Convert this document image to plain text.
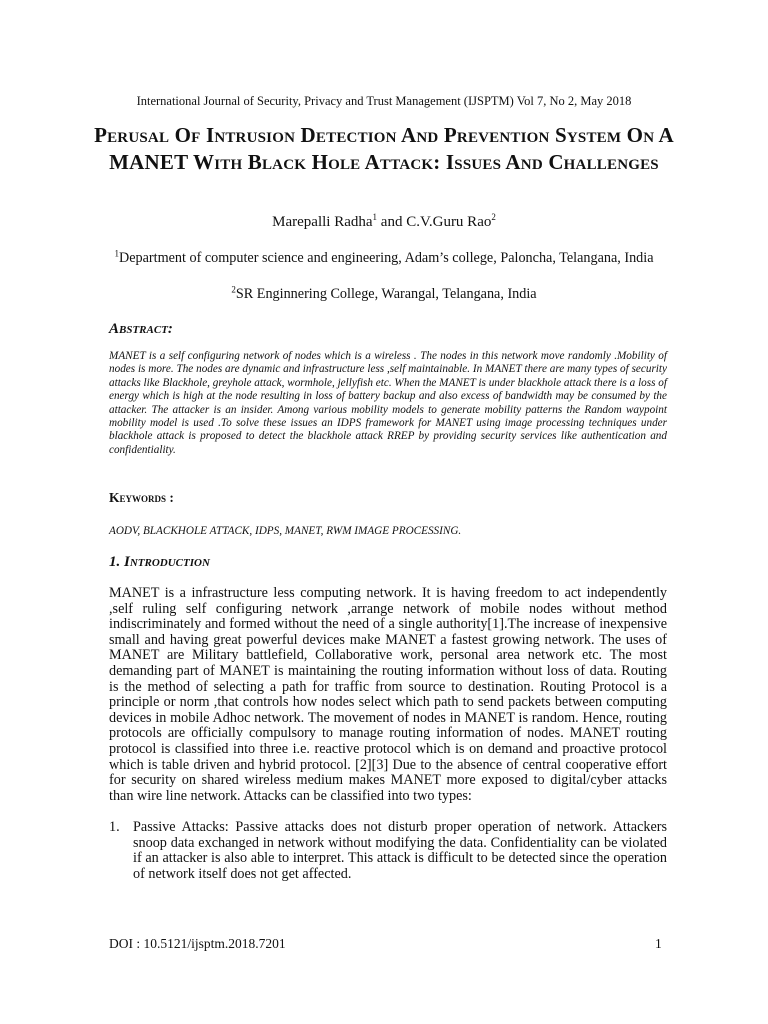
International Journal of Security, Privacy and Trust Management (IJSPTM) Vol 7, No 2, May 2018
Perusal Of Intrusion Detection And Prevention System On A MANET With Black Hole Attack: Issues And Challenges
Marepalli Radha$^1$ and C.V.Guru Rao$^2$
$^1$Department of computer science and engineering, Adam’s college, Paloncha, Telangana, India
$^2$SR Enginnering College, Warangal, Telangana, India
Abstract:
MANET is a self configuring network of nodes which is a wireless . The nodes in this network move randomly .Mobility of nodes is more. The nodes are dynamic and infrastructure less ,self maintainable. In MANET there are many types of security attacks like Blackhole, greyhole attack, wormhole, jellyfish etc. When the MANET is under blackhole attack there is a loss of energy which is high at the node resulting in loss of battery backup and also excess of bandwidth may be consumed by the attacker. The attacker is an insider. Among various mobility models to generate mobility patterns the Random waypoint mobility model is used .To solve these issues an IDPS framework for MANET using image processing techniques under blackhole attack is proposed to detect the blackhole attack RREP by providing security services like authentication and confidentiality.
Keywords :
AODV, BLACKHOLE ATTACK, IDPS, MANET, RWM IMAGE PROCESSING.
1. Introduction
MANET is a infrastructure less computing network. It is having freedom to act independently ,self ruling self configuring network ,arrange network of mobile nodes without method indiscriminately and formed without the need of a single authority[1].The increase of inexpensive small and having great powerful devices make MANET a fastest growing network. The uses of MANET are Military battlefield, Collaborative work, personal area network etc. The most demanding part of MANET is maintaining the routing information without loss of data. Routing is the method of selecting a path for traffic from source to destination. Routing Protocol is a principle or norm ,that controls how nodes select which path to send packets between computing devices in mobile Adhoc network. The movement of nodes in MANET is random. Hence, routing protocols are officially compulsory to manage routing information of nodes. MANET routing protocol is classified into three i.e. reactive protocol which is on demand and proactive protocol which is table driven and hybrid protocol. [2][3] Due to the absence of central cooperative effort for security on shared wireless medium makes MANET more exposed to digital/cyber attacks than wire line network. Attacks can be classified into two types:
1. Passive Attacks: Passive attacks does not disturb proper operation of network. Attackers snoop data exchanged in network without modifying the data. Confidentiality can be violated if an attacker is also able to interpret. This attack is difficult to be detected since the operation of network itself does not get affected.
DOI : 10.5121/ijsptm.2018.7201	1
